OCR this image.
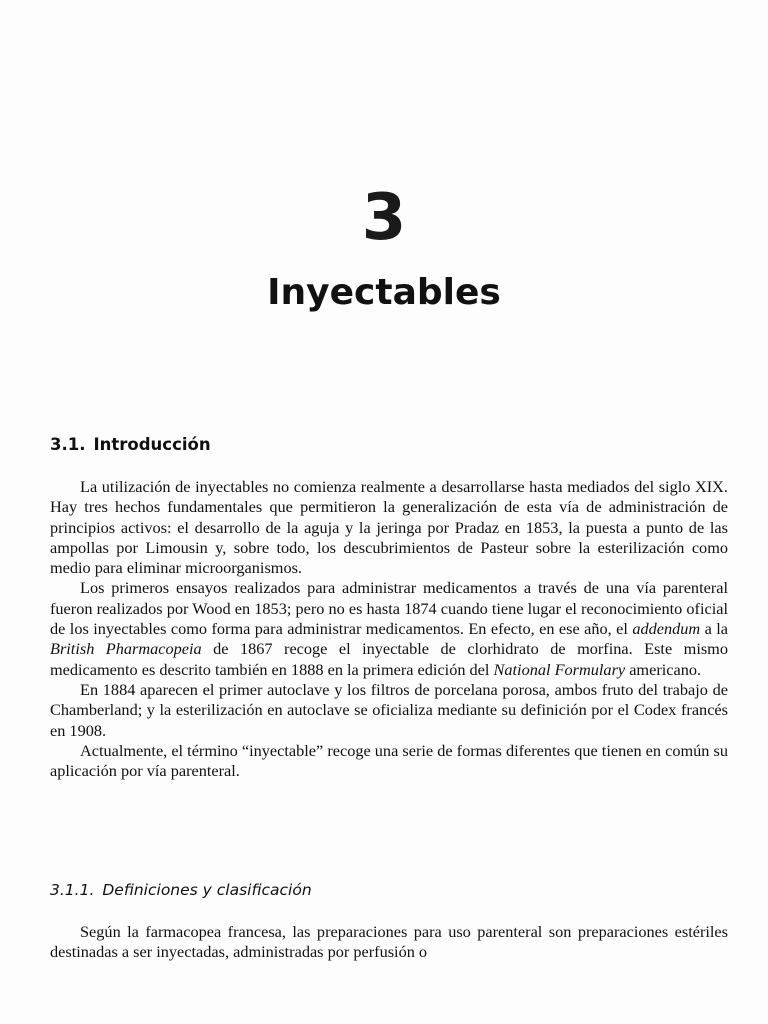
3
Inyectables
3.1. Introducción

La utilización de inyectables no comienza realmente a desarrollarse hasta mediados del siglo XIX. Hay tres hechos fundamentales que permitieron la generalización de esta vía de administración de principios activos: el desarrollo de la aguja y la jeringa por Pradaz en 1853, la puesta a punto de las ampollas por Limousin y, sobre todo, los descubrimientos de Pasteur sobre la esterilización como medio para eliminar microorganismos.

Los primeros ensayos realizados para administrar medicamentos a través de una vía parenteral fueron realizados por Wood en 1853; pero no es hasta 1874 cuando tiene lugar el reconocimiento oficial de los inyectables como forma para administrar medicamentos. En efecto, en ese año, el addendum a la British Pharmacopeia de 1867 recoge el inyectable de clorhidrato de morfina. Este mismo medicamento es descrito también en 1888 en la primera edición del National Formulary americano.

En 1884 aparecen el primer autoclave y los filtros de porcelana porosa, ambos fruto del trabajo de Chamberland; y la esterilización en autoclave se oficializa mediante su definición por el Codex francés en 1908.

Actualmente, el término “inyectable” recoge una serie de formas diferentes que tienen en común su aplicación por vía parenteral.

3.1.1. Definiciones y clasificación

Según la farmacopea francesa, las preparaciones para uso parenteral son preparaciones estériles destinadas a ser inyectadas, administradas por perfusión o
